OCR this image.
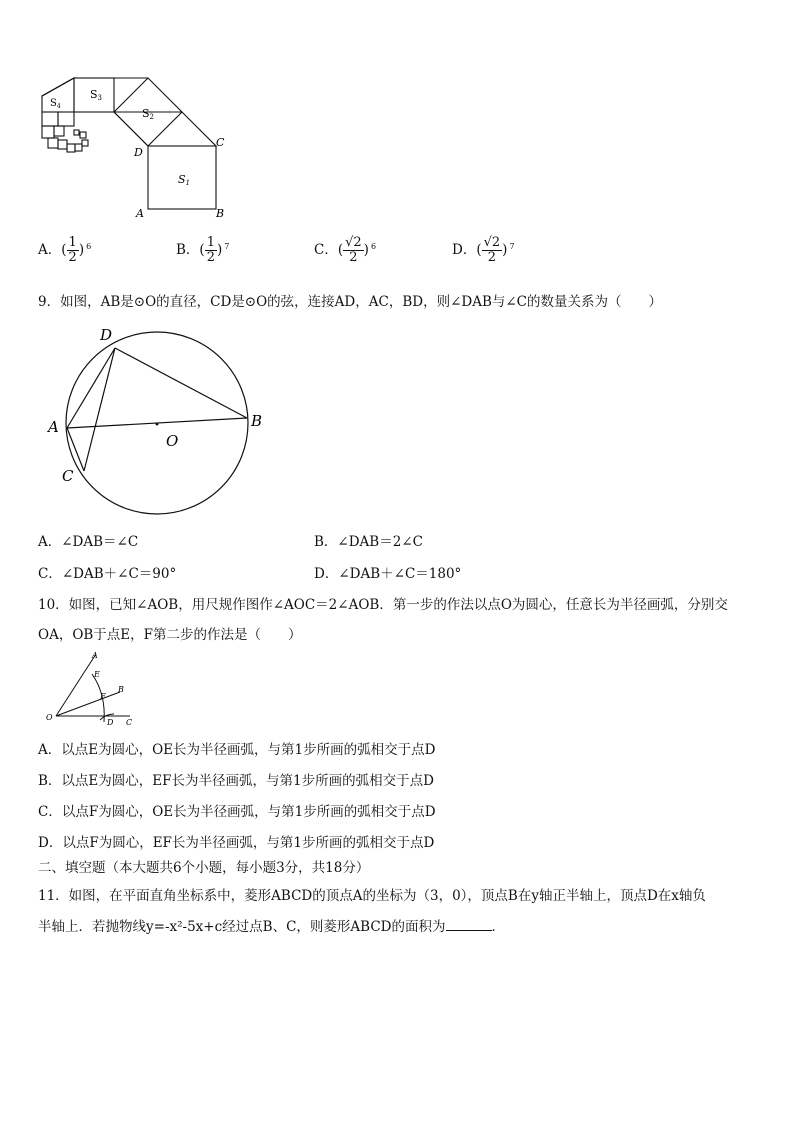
S1
S2
S3
$S_4$
A	B
C
D
A．( $\frac{1}{2}$ ) $^6$	B．( $\frac{1}{2}$ ) $^7$	C．( $\frac{√2}{2}$ ) $^6$	D．( $\frac{√2}{2}$ ) $^7$
9．如图，AB是⊙O的直径，CD是⊙O的弦，连接AD，AC，BD，则∠DAB与∠C的数量关系为（　　）
D
A	B
C
O
A．∠DAB＝∠C	B．∠DAB＝2∠C
C．∠DAB＋∠C＝90°	D．∠DAB＋∠C＝180°
10．如图，已知∠AOB，用尺规作图作∠AOC＝2∠AOB．第一步的作法以点O为圆心，任意长为半径画弧，分别交
OA，OB于点E，F第二步的作法是（　　）
A
E
B
F
O
D C
A．以点E为圆心，OE长为半径画弧，与第1步所画的弧相交于点D
B．以点E为圆心，EF长为半径画弧，与第1步所画的弧相交于点D
C．以点F为圆心，OE长为半径画弧，与第1步所画的弧相交于点D
D．以点F为圆心，EF长为半径画弧，与第1步所画的弧相交于点D
二、填空题（本大题共6个小题，每小题3分，共18分）
11．如图，在平面直角坐标系中，菱形ABCD的顶点A的坐标为（3，0），顶点B在y轴正半轴上，顶点D在x轴负
半轴上．若抛物线y=-x²-5x+c经过点B、C，则菱形ABCD的面积为	．
